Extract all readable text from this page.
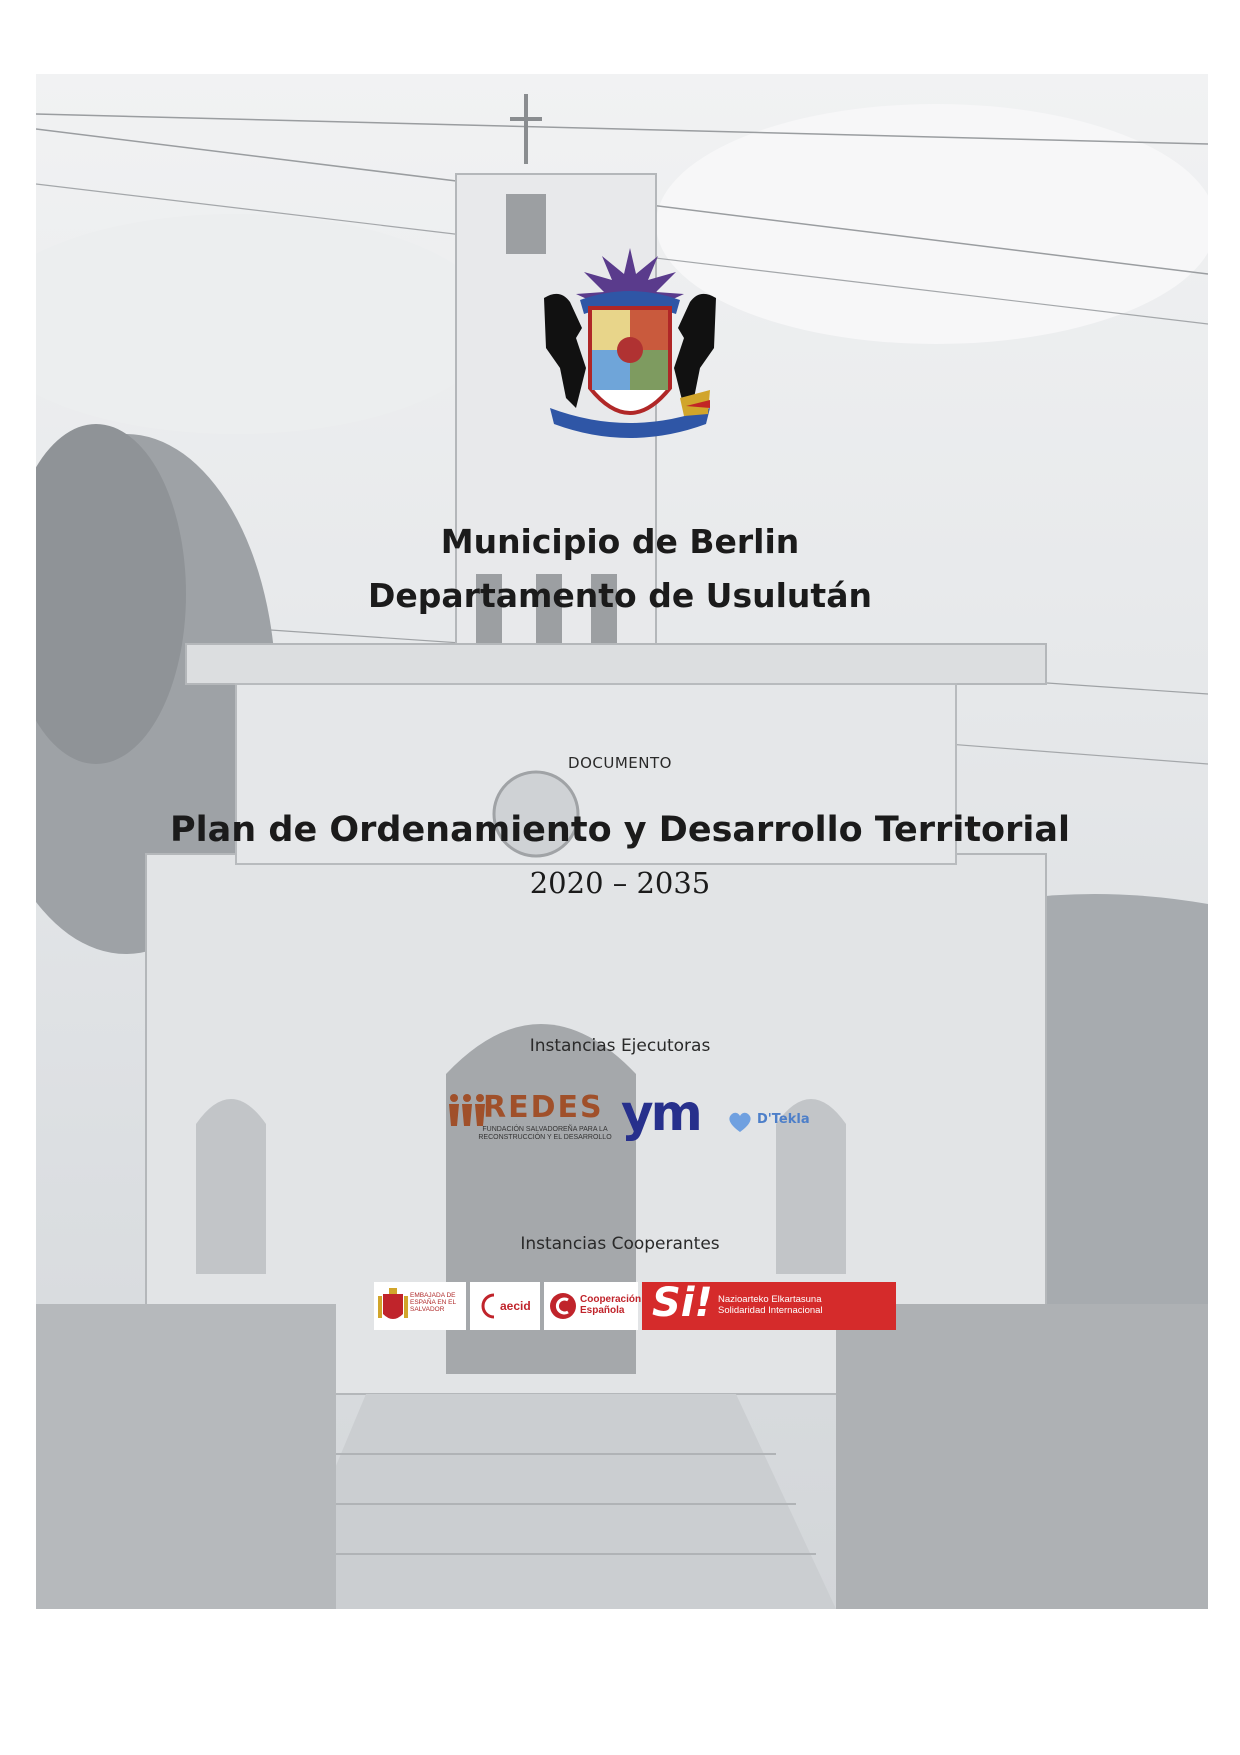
Municipio de Berlin
Departamento de Usulután
DOCUMENTO
Plan de Ordenamiento y Desarrollo Territorial
2020 – 2035
Instancias Ejecutoras
REDES
FUNDACIÓN SALVADOREÑA PARA LA RECONSTRUCCIÓN Y EL DESARROLLO ym	D'Tekla
Instancias Cooperantes
EMBAJADA DE ESPAÑA EN EL SALVADOR	aecid	Cooperación
Española Si! Nazioarteko Elkartasuna
Solidaridad Internacional
